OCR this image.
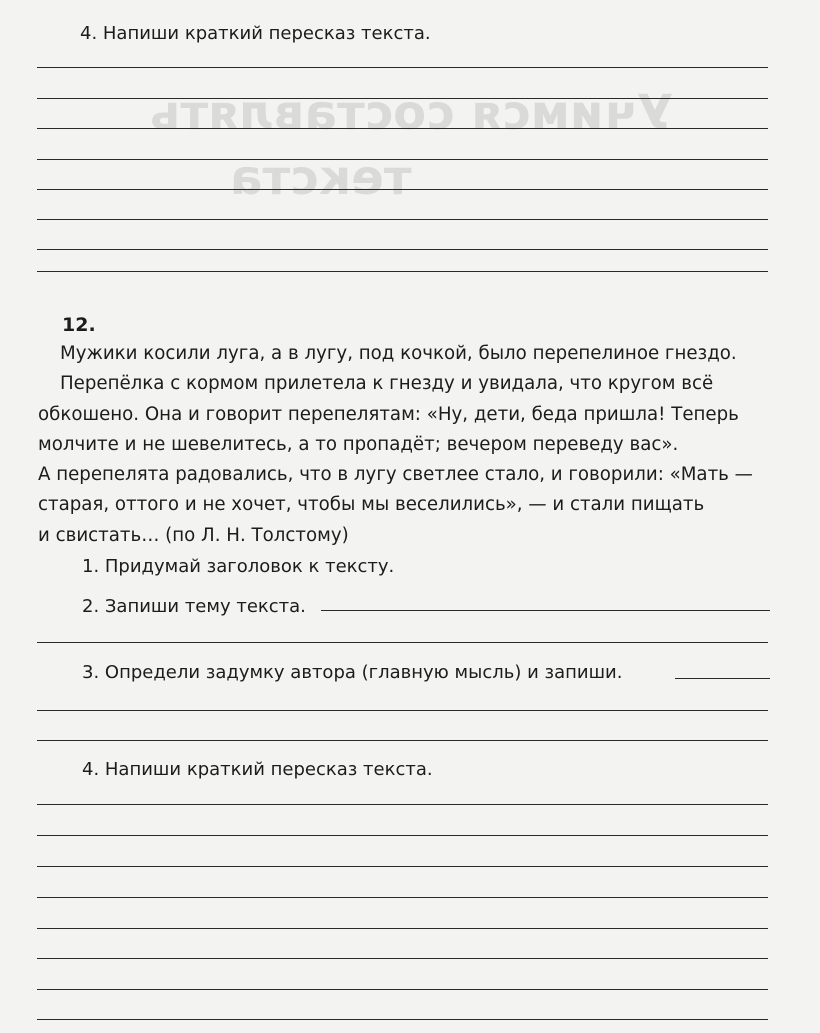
Учимся составлять
текста
4. Напиши краткий пересказ текста.
12.
Мужики косили луга, а в лугу, под кочкой, было перепелиное гнездо.
Перепёлка с кормом прилетела к гнезду и увидала, что кругом всё
обкошено. Она и говорит перепелятам: «Ну, дети, беда пришла! Теперь
молчите и не шевелитесь, а то пропадёт; вечером переведу вас».
А перепелята радовались, что в лугу светлее стало, и говорили: «Мать —
старая, оттого и не хочет, чтобы мы веселились», — и стали пищать
и свистать… (по Л. Н. Толстому)
1. Придумай заголовок к тексту.
2. Запиши тему текста.
3. Определи задумку автора (главную мысль) и запиши.
4. Напиши краткий пересказ текста.
